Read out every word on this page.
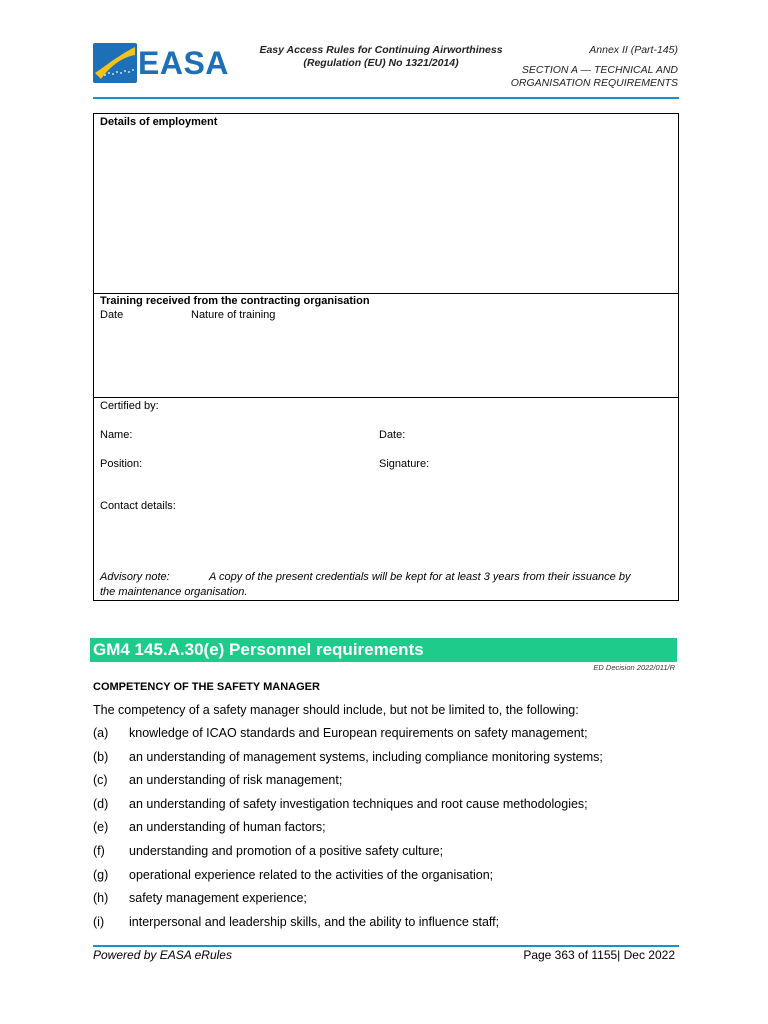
EASA	Easy Access Rules for Continuing Airworthiness
(Regulation (EU) No 1321/2014)
Annex II (Part-145)
SECTION A — TECHNICAL AND
ORGANISATION REQUIREMENTS
Details of employment
Training received from the contracting organisation
Date	Nature of training
Certified by:
Name:	Date:
Position:	Signature:
Contact details:
Advisory note:	A copy of the present credentials will be kept for at least 3 years from their issuance by
the maintenance organisation.
GM4 145.A.30(e) Personnel requirements
ED Decision 2022/011/R
COMPETENCY OF THE SAFETY MANAGER
The competency of a safety manager should include, but not be limited to, the following:
(a) knowledge of ICAO standards and European requirements on safety management;
(b) an understanding of management systems, including compliance monitoring systems;
(c) an understanding of risk management;
(d) an understanding of safety investigation techniques and root cause methodologies;
(e) an understanding of human factors;
(f) understanding and promotion of a positive safety culture;
(g) operational experience related to the activities of the organisation;
(h) safety management experience;
(i) interpersonal and leadership skills, and the ability to influence staff;
Powered by EASA eRules	Page 363 of 1155| Dec 2022
